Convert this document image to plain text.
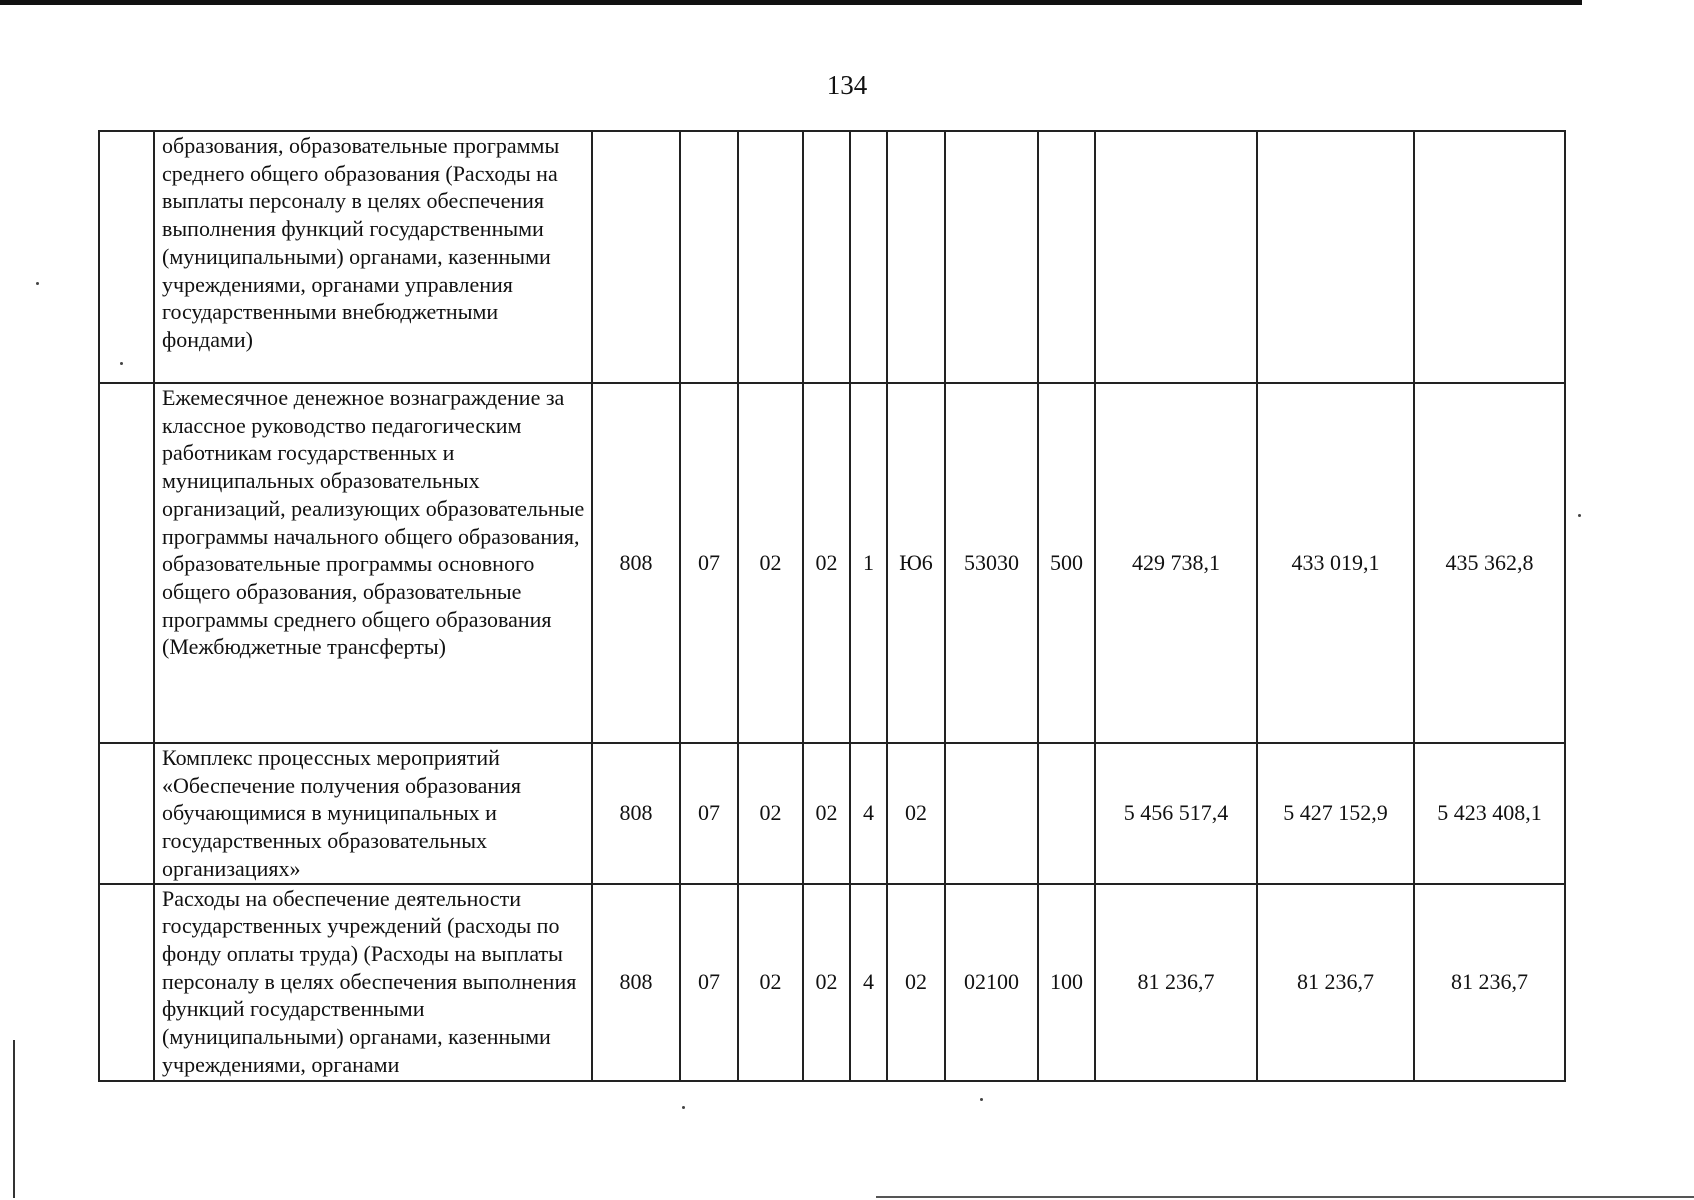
134
	образования, образовательные программы среднего общего образования (Расходы на выплаты персоналу в целях обеспечения выполнения функций государственными (муниципальными) органами, казенными учреждениями, органами управления государственными внебюджетными фондами)											
	Ежемесячное денежное вознаграждение за классное руководство педагогическим работникам государственных и муниципальных образовательных организаций, реализующих образовательные программы начального общего образования, образовательные программы основного общего образования, образовательные программы среднего общего образования (Межбюджетные трансферты)	808	07	02	02	1	Ю6	53030	500	429 738,1	433 019,1	435 362,8
	Комплекс процессных мероприятий «Обеспечение получения образования обучающимися в муниципальных и государственных образовательных организациях»	808	07	02	02	4	02			5 456 517,4	5 427 152,9	5 423 408,1
	Расходы на обеспечение деятельности государственных учреждений (расходы по фонду оплаты труда) (Расходы на выплаты персоналу в целях обеспечения выполнения функций государственными (муниципальными) органами, казенными учреждениями, органами	808	07	02	02	4	02	02100	100	81 236,7	81 236,7	81 236,7
